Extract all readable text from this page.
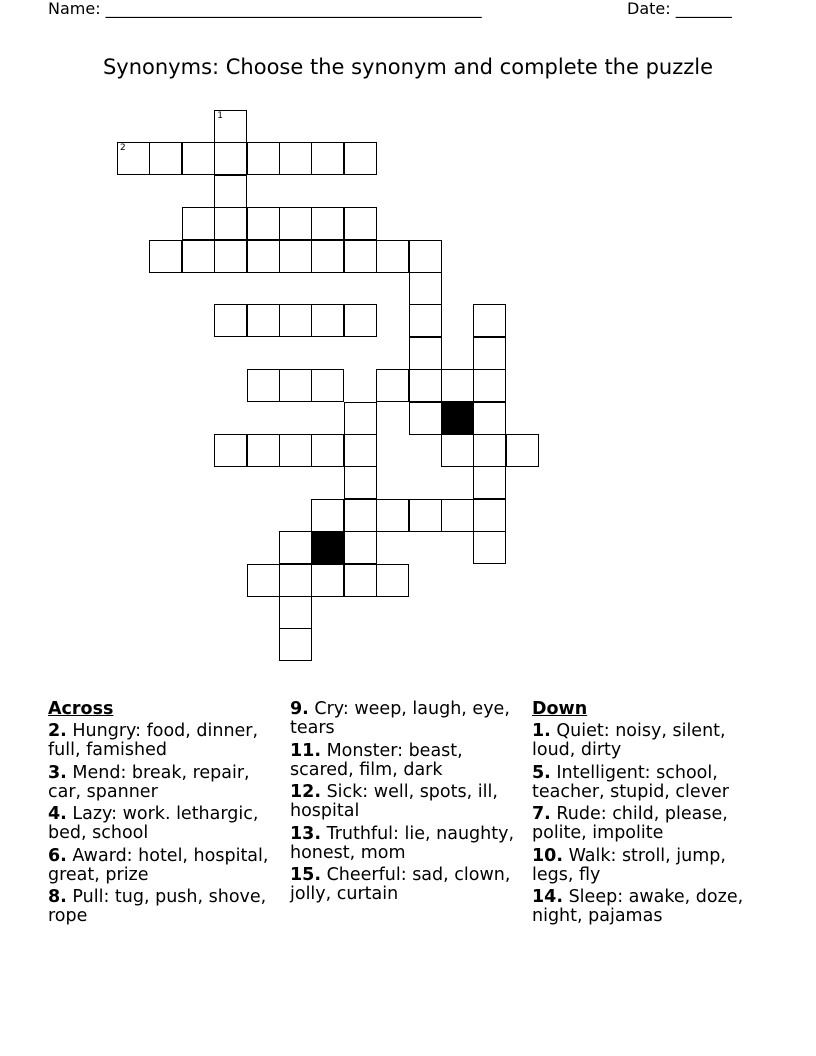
Name: _______________________________________________	Date: _______
Synonyms: Choose the synonym and complete the puzzle
1
2
12
Across
2. Hungry: food, dinner, full, famished
3. Mend: break, repair, car, spanner
4. Lazy: work. lethargic, bed, school
6. Award: hotel, hospital, great, prize
8. Pull: tug, push, shove, rope
9. Cry: weep, laugh, eye, tears
11. Monster: beast, scared, film, dark
12. Sick: well, spots, ill, hospital
13. Truthful: lie, naughty, honest, mom
15. Cheerful: sad, clown, jolly, curtain
Down
1. Quiet: noisy, silent, loud, dirty
5. Intelligent: school, teacher, stupid, clever
7. Rude: child, please, polite, impolite
10. Walk: stroll, jump, legs, fly
14. Sleep: awake, doze, night, pajamas
